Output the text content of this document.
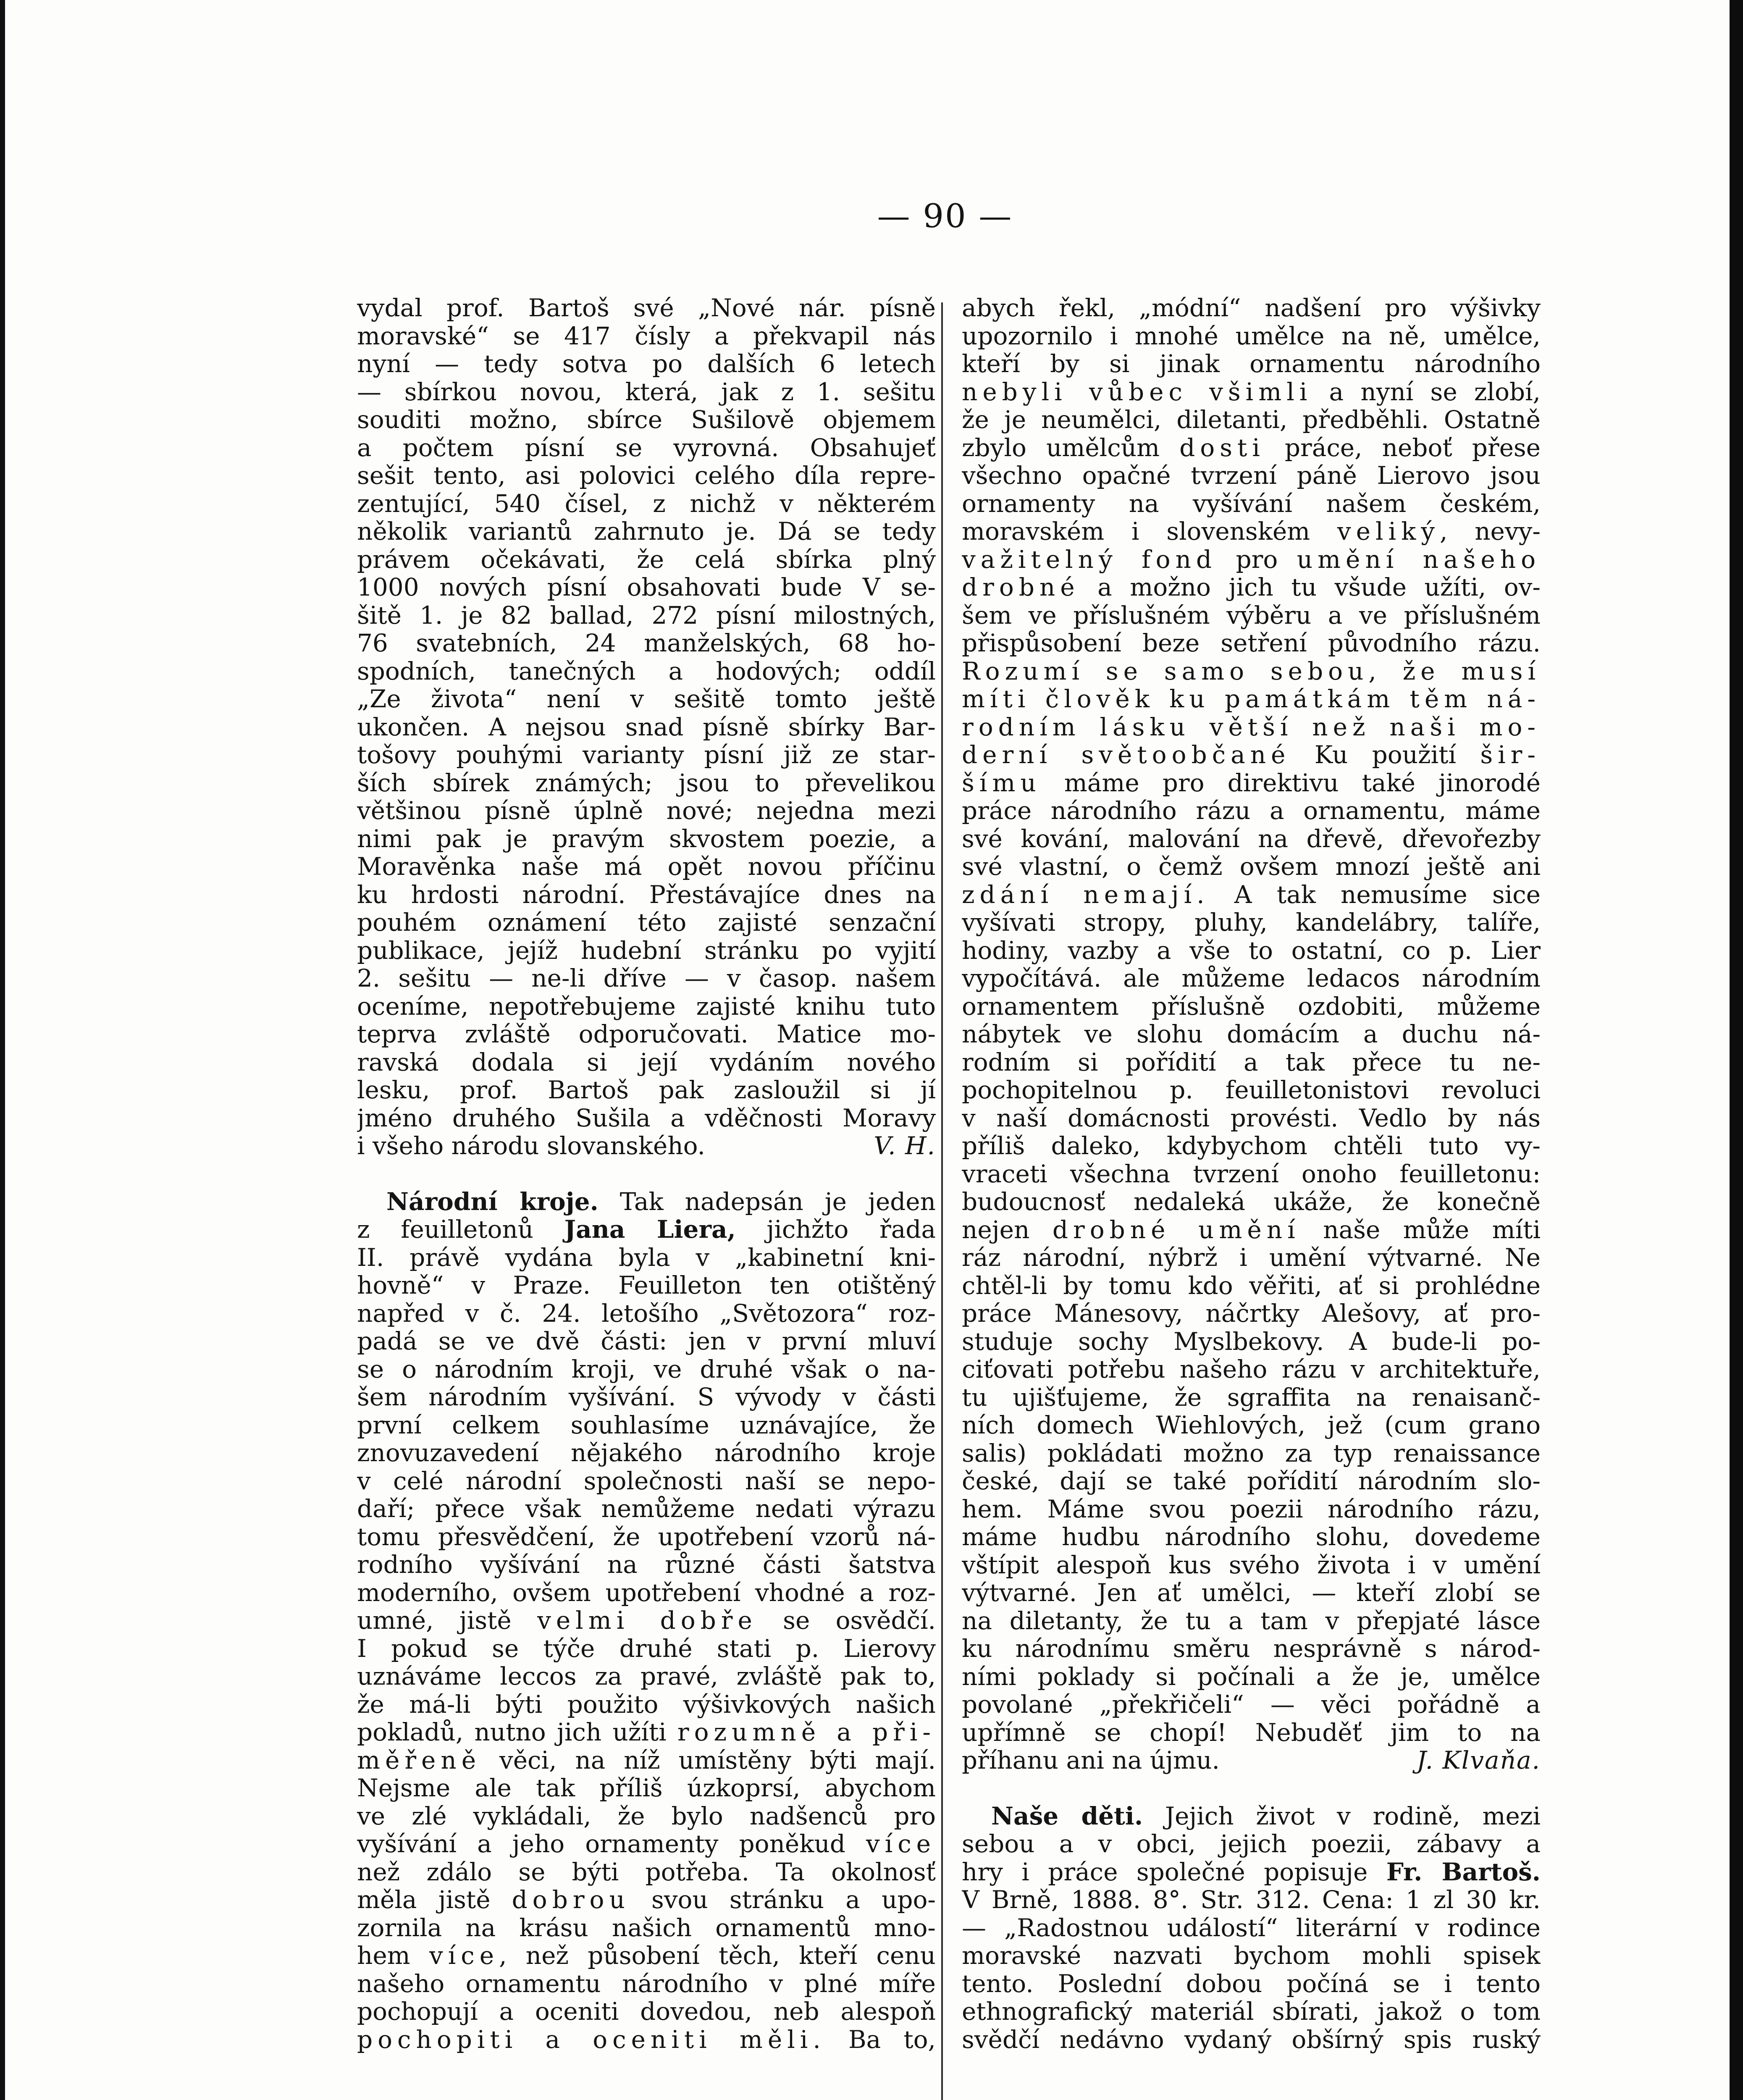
— 90 —
vydal prof. Bartoš své „Nové nár. písně
moravské“ se 417 čísly a překvapil nás
nyní — tedy sotva po dalších 6 letech
— sbírkou novou, která, jak z 1. sešitu
souditi možno, sbírce Sušilově objemem
a počtem písní se vyrovná. Obsahujeť
sešit tento, asi polovici celého díla repre-
zentující, 540 čísel, z nichž v některém
několik variantů zahrnuto je. Dá se tedy
právem očekávati, že celá sbírka plný
1000 nových písní obsahovati bude V se-
šitě 1. je 82 ballad, 272 písní milostných,
76 svatebních, 24 manželských, 68 ho-
spodních, tanečných a hodových; oddíl
„Ze života“ není v sešitě tomto ještě
ukončen. A nejsou snad písně sbírky Bar-
tošovy pouhými varianty písní již ze star-
ších sbírek známých; jsou to převelikou
většinou písně úplně nové; nejedna mezi
nimi pak je pravým skvostem poezie, a
Moravěnka naše má opět novou příčinu
ku hrdosti národní. Přestávajíce dnes na
pouhém oznámení této zajisté senzační
publikace, jejíž hudební stránku po vyjití
2. sešitu — ne-li dříve — v časop. našem
oceníme, nepotřebujeme zajisté knihu tuto
teprva zvláště odporučovati. Matice mo-
ravská dodala si její vydáním nového
lesku, prof. Bartoš pak zasloužil si jí
jméno druhého Sušila a vděčnosti Moravy
i všeho národu slovanského.	V. H.
Národní kroje. Tak nadepsán je jeden
z feuilletonů Jana Liera, jichžto řada
II. právě vydána byla v „kabinetní kni-
hovně“ v Praze. Feuilleton ten otištěný
napřed v č. 24. letošího „Světozora“ roz-
padá se ve dvě části: jen v první mluví
se o národním kroji, ve druhé však o na-
šem národním vyšívání. S vývody v části
první celkem souhlasíme uznávajíce, že
znovuzavedení nějakého národního kroje
v celé národní společnosti naší se nepo-
daří; přece však nemůžeme nedati výrazu
tomu přesvědčení, že upotřebení vzorů ná-
rodního vyšívání na různé části šatstva
moderního, ovšem upotřebení vhodné a roz-
umné, jistě velmi dobře se osvědčí.
I pokud se týče druhé stati p. Lierovy
uznáváme leccos za pravé, zvláště pak to,
že má-li býti použito výšivkových našich
pokladů, nutno jich užíti rozumně a při-
měřeně věci, na níž umístěny býti mají.
Nejsme ale tak příliš úzkoprsí, abychom
ve zlé vykládali, že bylo nadšenců pro
vyšívání a jeho ornamenty poněkud více
než zdálo se býti potřeba. Ta okolnosť
měla jistě dobrou svou stránku a upo-
zornila na krásu našich ornamentů mno-
hem více, než působení těch, kteří cenu
našeho ornamentu národního v plné míře
pochopují a oceniti dovedou, neb alespoň
pochopiti a oceniti měli. Ba to,
abych řekl, „módní“ nadšení pro výšivky
upozornilo i mnohé umělce na ně, umělce,
kteří by si jinak ornamentu národního
nebyli vůbec všimli a nyní se zlobí,
že je neumělci, diletanti, předběhli. Ostatně
zbylo umělcům dosti práce, neboť přese
všechno opačné tvrzení páně Lierovo jsou
ornamenty na vyšívání našem českém,
moravském i slovenském veliký, nevy-
važitelný fond pro umění našeho
drobné a možno jich tu všude užíti, ov-
šem ve příslušném výběru a ve příslušném
přispůsobení beze setření původního rázu.
Rozumí se samo sebou, že musí
míti člověk ku památkám těm ná-
rodním lásku větší než naši mo-
derní světoobčané Ku použití šir-
šímu máme pro direktivu také jinorodé
práce národního rázu a ornamentu, máme
své kování, malování na dřevě, dřevořezby
své vlastní, o čemž ovšem mnozí ještě ani
zdání nemají. A tak nemusíme sice
vyšívati stropy, pluhy, kandelábry, talíře,
hodiny, vazby a vše to ostatní, co p. Lier
vypočítává. ale můžeme ledacos národním
ornamentem příslušně ozdobiti, můžeme
nábytek ve slohu domácím a duchu ná-
rodním si pořídití a tak přece tu ne-
pochopitelnou p. feuilletonistovi revoluci
v naší domácnosti provésti. Vedlo by nás
příliš daleko, kdybychom chtěli tuto vy-
vraceti všechna tvrzení onoho feuilletonu:
budoucnosť nedaleká ukáže, že konečně
nejen drobné umění naše může míti
ráz národní, nýbrž i umění výtvarné. Ne
chtěl-li by tomu kdo věřiti, ať si prohlédne
práce Mánesovy, náčrtky Alešovy, ať pro-
studuje sochy Myslbekovy. A bude-li po-
ciťovati potřebu našeho rázu v architektuře,
tu ujišťujeme, že sgraffita na renaisanč-
ních domech Wiehlových, jež (cum grano
salis) pokládati možno za typ renaissance
české, dají se také pořídití národním slo-
hem. Máme svou poezii národního rázu,
máme hudbu národního slohu, dovedeme
vštípit alespoň kus svého života i v umění
výtvarné. Jen ať umělci, — kteří zlobí se
na diletanty, že tu a tam v přepjaté lásce
ku národnímu směru nesprávně s národ-
ními poklady si počínali a že je, umělce
povolané „překřičeli“ — věci pořádně a
upřímně se chopí! Nebuděť jim to na
příhanu ani na újmu.	J. Klvaňa.
Naše děti. Jejich život v rodině, mezi
sebou a v obci, jejich poezii, zábavy a
hry i práce společné popisuje Fr. Bartoš.
V Brně, 1888. 8°. Str. 312. Cena: 1 zl 30 kr.
— „Radostnou událostí“ literární v rodince
moravské nazvati bychom mohli spisek
tento. Poslední dobou počíná se i tento
ethnografický materiál sbírati, jakož o tom
svědčí nedávno vydaný obšírný spis ruský
